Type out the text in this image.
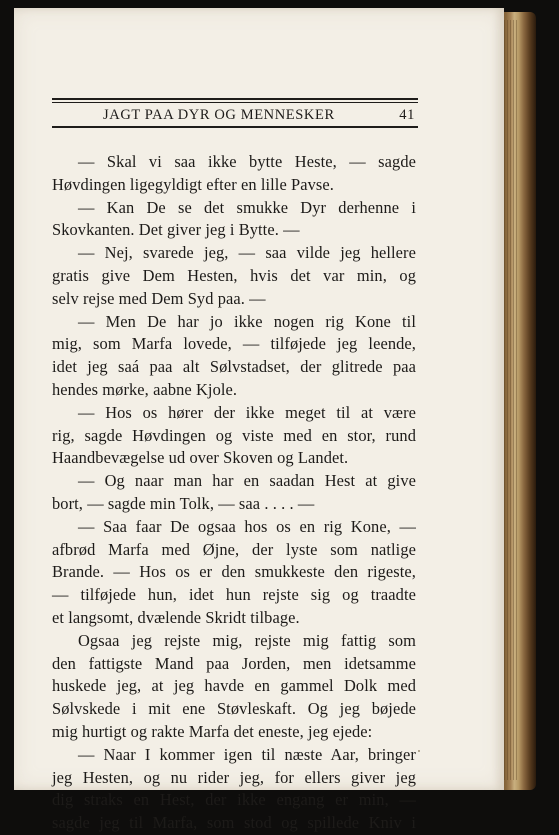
JAGT PAA DYR OG MENNESKER	41
— Skal vi saa ikke bytte Heste, — sagde
Høvdingen ligegyldigt efter en lille Pavse.
— Kan De se det smukke Dyr derhenne i
Skovkanten. Det giver jeg i Bytte. —
— Nej, svarede jeg, — saa vilde jeg hellere
gratis give Dem Hesten, hvis det var min, og
selv rejse med Dem Syd paa. —
— Men De har jo ikke nogen rig Kone til
mig, som Marfa lovede, — tilføjede jeg leende,
idet jeg saá paa alt Sølvstadset, der glitrede paa
hendes mørke, aabne Kjole.
— Hos os hører der ikke meget til at være
rig, sagde Høvdingen og viste med en stor, rund
Haandbevægelse ud over Skoven og Landet.
— Og naar man har en saadan Hest at give
bort, — sagde min Tolk, — saa . . . . —
— Saa faar De ogsaa hos os en rig Kone, —
afbrød Marfa med Øjne, der lyste som natlige
Brande. — Hos os er den smukkeste den rigeste,
— tilføjede hun, idet hun rejste sig og traadte
et langsomt, dvælende Skridt tilbage.
Ogsaa jeg rejste mig, rejste mig fattig som
den fattigste Mand paa Jorden, men idetsamme
huskede jeg, at jeg havde en gammel Dolk med
Sølvskede i mit ene Støvleskaft. Og jeg bøjede
mig hurtigt og rakte Marfa det eneste, jeg ejede:
— Naar I kommer igen til næste Aar, bringer
jeg Hesten, og nu rider jeg, for ellers giver jeg
dig straks en Hest, der ikke engang er min, —
sagde jeg til Marfa, som stod og spillede Kniv i
